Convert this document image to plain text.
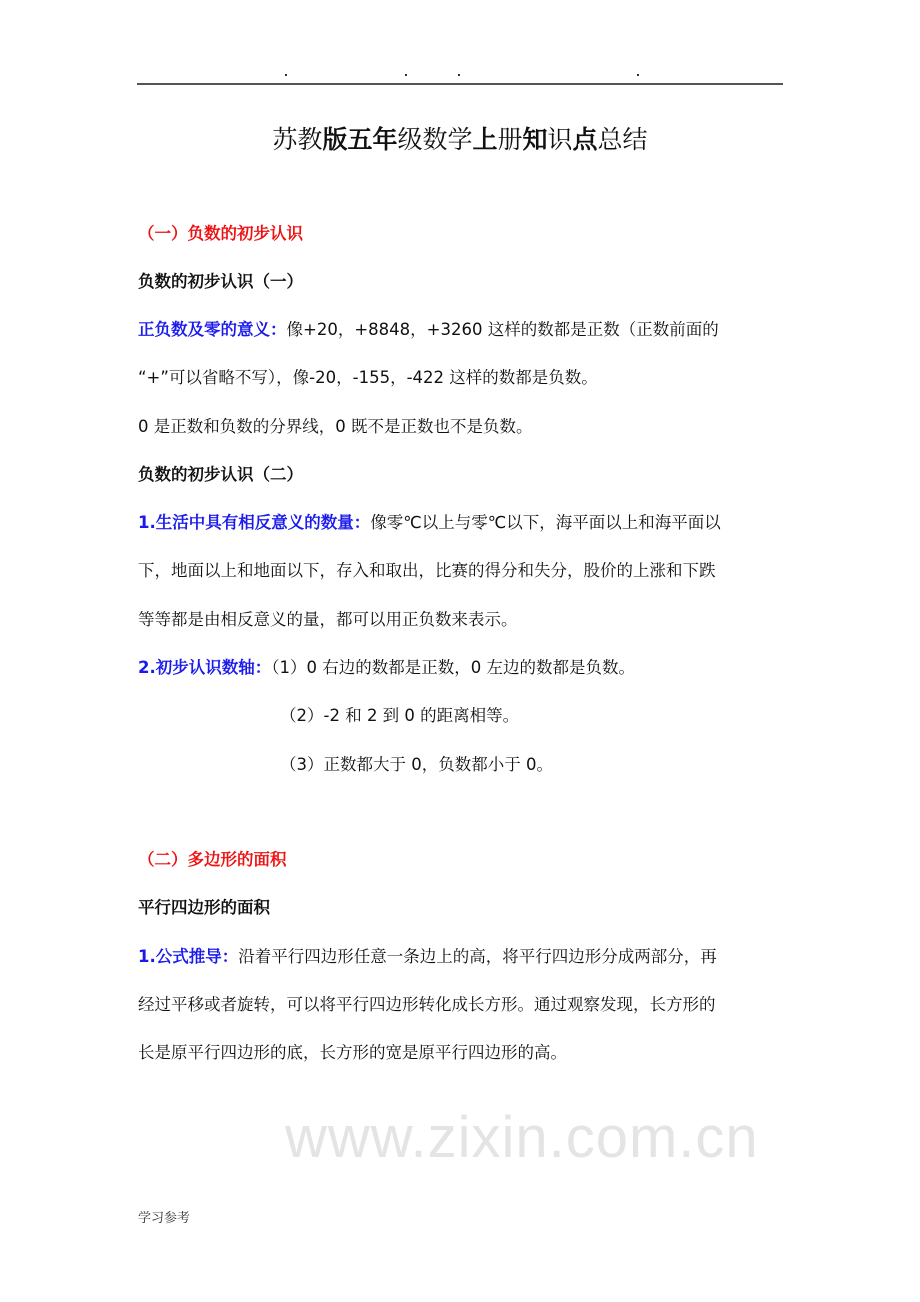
苏教版五年级数学上册知识点总结
（一）负数的初步认识
负数的初步认识（一）
正负数及零的意义：像+20，+8848，+3260 这样的数都是正数（正数前面的
“+”可以省略不写），像-20，-155，-422 这样的数都是负数。
0 是正数和负数的分界线，0 既不是正数也不是负数。
负数的初步认识（二）
1.生活中具有相反意义的数量：像零℃以上与零℃以下，海平面以上和海平面以
下，地面以上和地面以下，存入和取出，比赛的得分和失分，股价的上涨和下跌
等等都是由相反意义的量，都可以用正负数来表示。
2.初步认识数轴：（1）0 右边的数都是正数，0 左边的数都是负数。
（2）-2 和 2 到 0 的距离相等。
（3）正数都大于 0，负数都小于 0。
（二）多边形的面积
平行四边形的面积
1.公式推导：沿着平行四边形任意一条边上的高，将平行四边形分成两部分，再
经过平移或者旋转，可以将平行四边形转化成长方形。通过观察发现，长方形的
长是原平行四边形的底，长方形的宽是原平行四边形的高。
www.zixin.com.cn
学习参考
